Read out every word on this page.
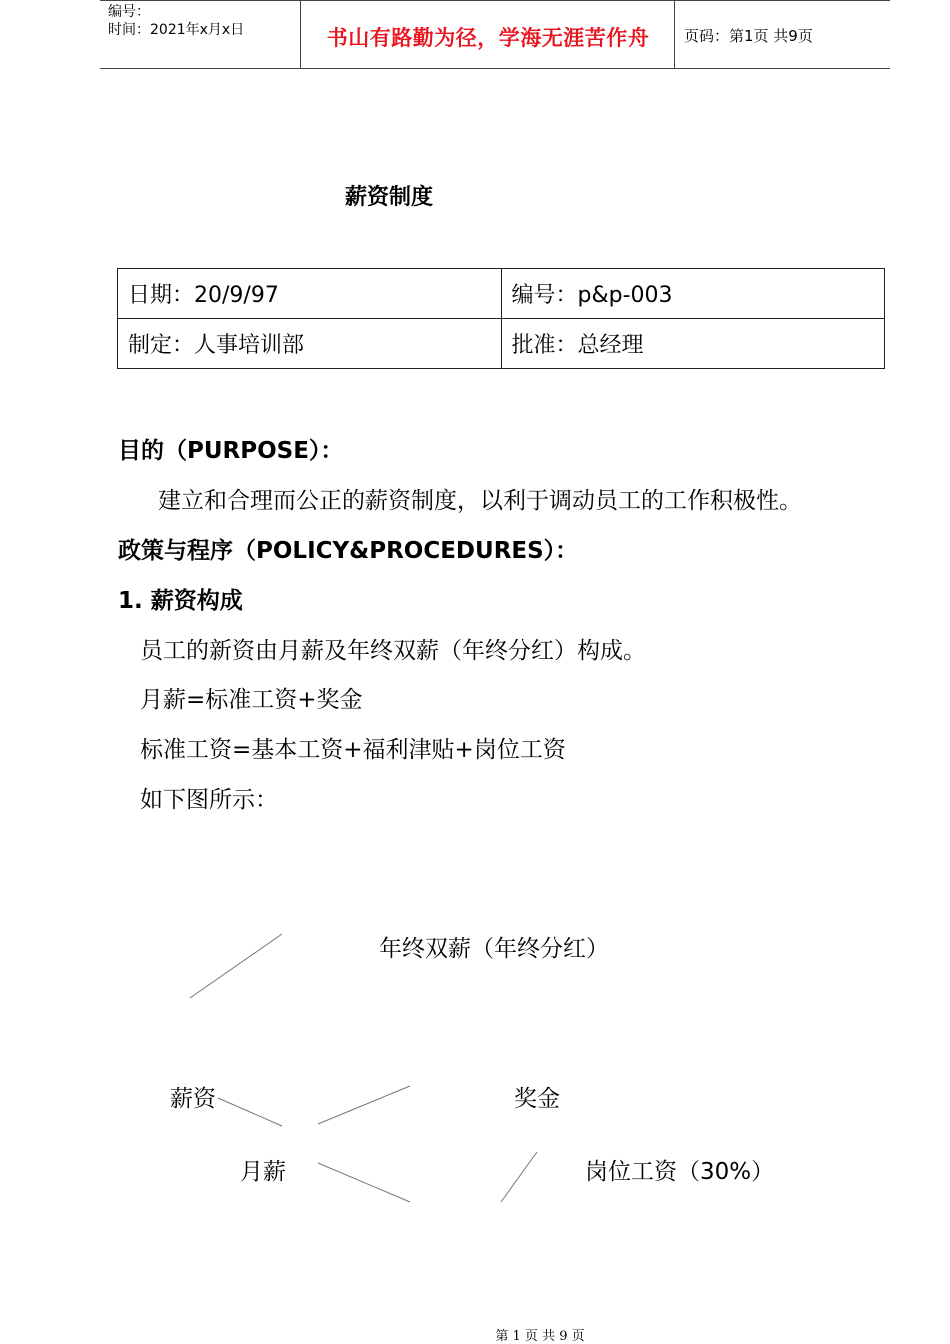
编号：
时间：2021年x月x日	书山有路勤为径，学海无涯苦作舟	页码：第1页 共9页
薪资制度
日期：20/9/97	编号：p&p-003
制定：人事培训部	批准：总经理
目的（PURPOSE）：
建立和合理而公正的薪资制度，以利于调动员工的工作积极性。
政策与程序（POLICY&PROCEDURES）：
1. 薪资构成
员工的新资由月薪及年终双薪（年终分红）构成。
月薪=标准工资+奖金
标准工资=基本工资+福利津贴+岗位工资
如下图所示：
年终双薪（年终分红）
薪资	奖金
月薪	岗位工资（30%）
第 1 页 共 9 页
